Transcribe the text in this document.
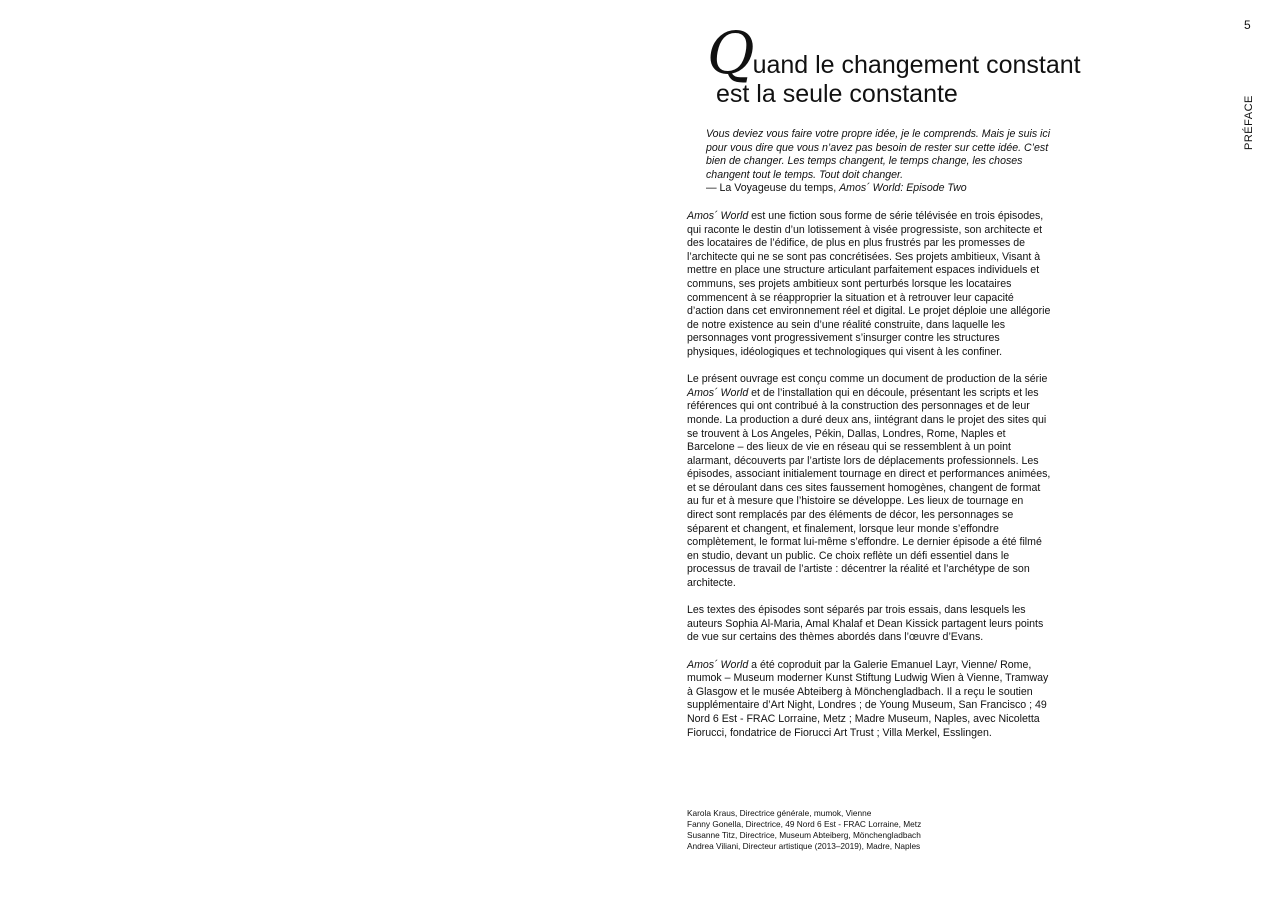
5
PRÉFACE
Quand le changement constant
est la seule constante
Vous deviez vous faire votre propre idée, je le comprends. Mais je suis ici pour vous dire que vous n’avez pas besoin de rester sur cette idée. C’est bien de changer. Les temps changent, le temps change, les choses changent tout le temps. Tout doit changer.
— La Voyageuse du temps, Amos´ World: Episode Two

Amos´ World est une fiction sous forme de série télévisée en trois épisodes, qui raconte le destin d’un lotissement à visée progressiste, son architecte et des locataires de l’édifice, de plus en plus frustrés par les promesses de l’architecte qui ne se sont pas concrétisées. Ses projets ambitieux, Visant à mettre en place une structure articulant parfaitement espaces individuels et communs, ses projets ambitieux sont perturbés lorsque les locataires commencent à se réapproprier la situation et à retrouver leur capacité d’action dans cet environnement réel et digital. Le projet déploie une allégorie de notre existence au sein d’une réalité construite, dans laquelle les personnages vont progressivement s’insurger contre les structures physiques, idéologiques et technologiques qui visent à les confiner.

Le présent ouvrage est conçu comme un document de production de la série Amos´ World et de l’installation qui en découle, présentant les scripts et les références qui ont contribué à la construction des personnages et de leur monde. La production a duré deux ans, iintégrant dans le projet des sites qui se trouvent à Los Angeles, Pékin, Dallas, Londres, Rome, Naples et Barcelone – des lieux de vie en réseau qui se ressemblent à un point alarmant, découverts par l’artiste lors de déplacements professionnels. Les épisodes, associant initialement tournage en direct et performances animées, et se déroulant dans ces sites faussement homogènes, changent de format au fur et à mesure que l’histoire se développe. Les lieux de tournage en direct sont remplacés par des éléments de décor, les personnages se séparent et changent, et finalement, lorsque leur monde s’effondre complètement, le format lui-même s’effondre. Le dernier épisode a été filmé en studio, devant un public. Ce choix reflète un défi essentiel dans le processus de travail de l’artiste : décentrer la réalité et l’archétype de son architecte.

Les textes des épisodes sont séparés par trois essais, dans lesquels les auteurs Sophia Al-Maria, Amal Khalaf et Dean Kissick partagent leurs points de vue sur certains des thèmes abordés dans l’œuvre d’Evans.

Amos´ World a été coproduit par la Galerie Emanuel Layr, Vienne/ Rome, mumok – Museum moderner Kunst Stiftung Ludwig Wien à Vienne, Tramway à Glasgow et le musée Abteiberg à Mönchengladbach. Il a reçu le soutien supplémentaire d’Art Night, Londres ; de Young Museum, San Francisco ; 49 Nord 6 Est - FRAC Lorraine, Metz ; Madre Museum, Naples, avec Nicoletta Fiorucci, fondatrice de Fiorucci Art Trust ; Villa Merkel, Esslingen.

Karola Kraus, Directrice générale, mumok, Vienne
Fanny Gonella, Directrice, 49 Nord 6 Est - FRAC Lorraine, Metz
Susanne Titz, Directrice, Museum Abteiberg, Mönchengladbach
Andrea Viliani, Directeur artistique (2013–2019), Madre, Naples
